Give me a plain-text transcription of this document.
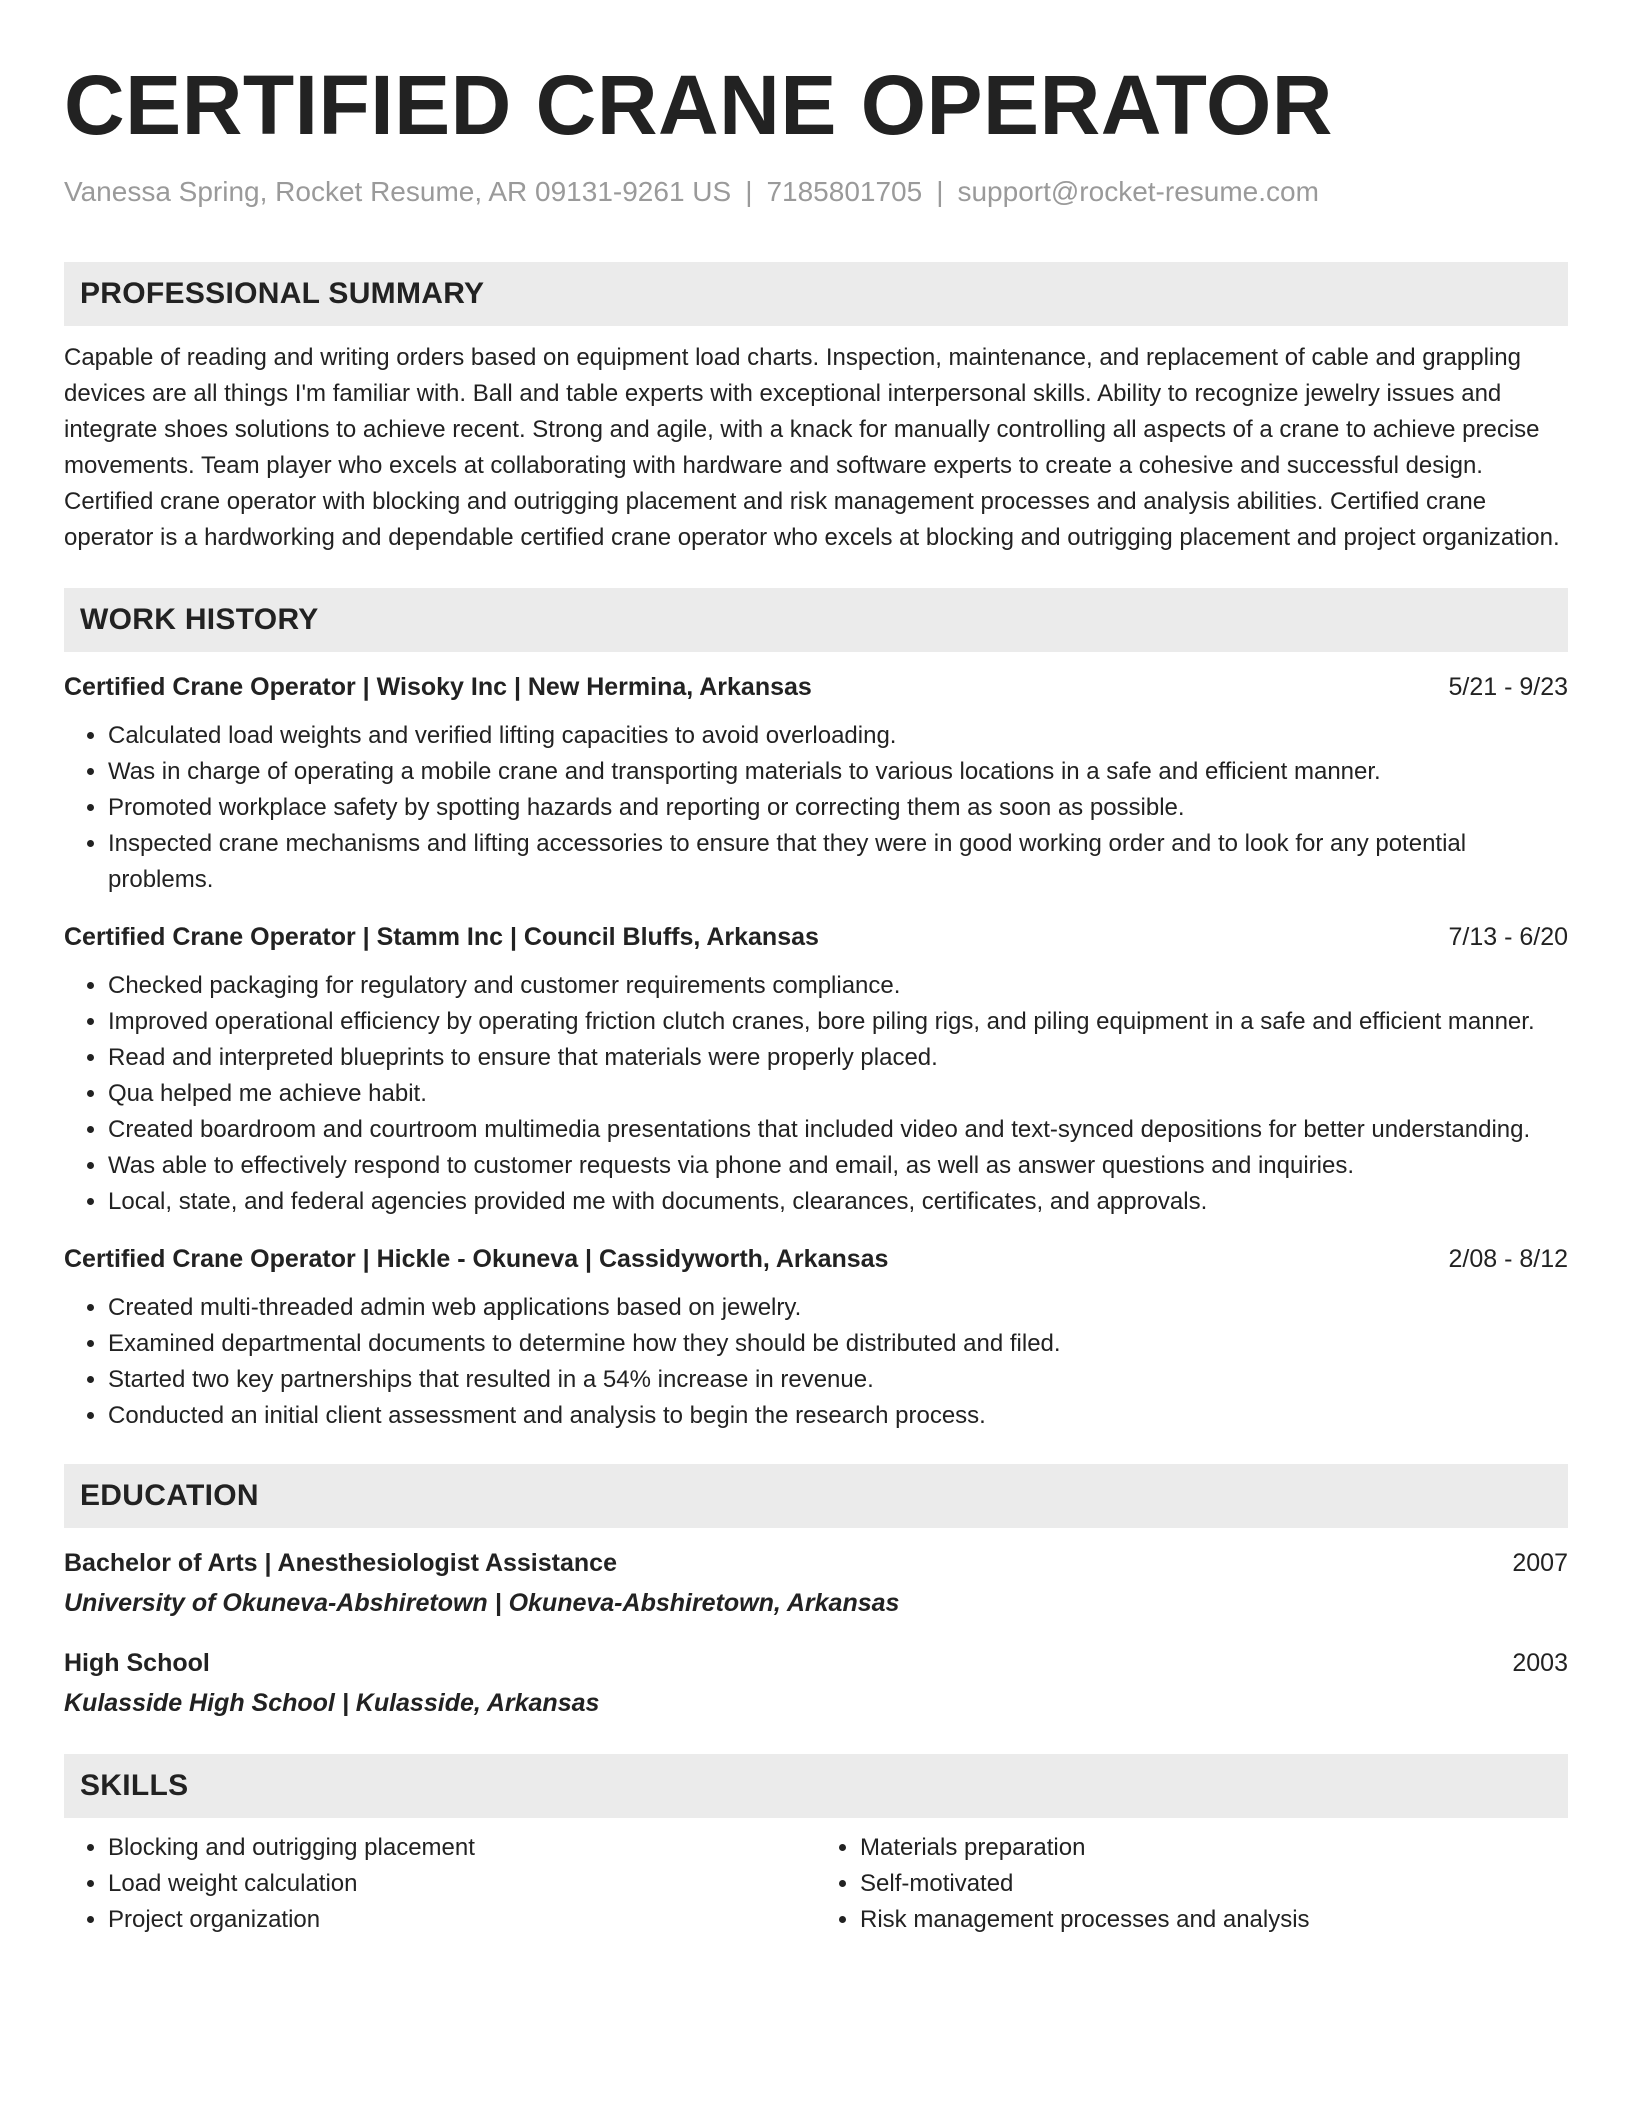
CERTIFIED CRANE OPERATOR
Vanessa Spring, Rocket Resume, AR 09131-9261 US | 7185801705 | support@rocket-resume.com
PROFESSIONAL SUMMARY
Capable of reading and writing orders based on equipment load charts. Inspection, maintenance, and replacement of cable and grappling devices are all things I'm familiar with. Ball and table experts with exceptional interpersonal skills. Ability to recognize jewelry issues and integrate shoes solutions to achieve recent. Strong and agile, with a knack for manually controlling all aspects of a crane to achieve precise movements. Team player who excels at collaborating with hardware and software experts to create a cohesive and successful design. Certified crane operator with blocking and outrigging placement and risk management processes and analysis abilities. Certified crane operator is a hardworking and dependable certified crane operator who excels at blocking and outrigging placement and project organization.
WORK HISTORY
Certified Crane Operator | Wisoky Inc | New Hermina, Arkansas	5/21 - 9/23
• Calculated load weights and verified lifting capacities to avoid overloading.
• Was in charge of operating a mobile crane and transporting materials to various locations in a safe and efficient manner.
• Promoted workplace safety by spotting hazards and reporting or correcting them as soon as possible.
• Inspected crane mechanisms and lifting accessories to ensure that they were in good working order and to look for any potential problems.
Certified Crane Operator | Stamm Inc | Council Bluffs, Arkansas	7/13 - 6/20
• Checked packaging for regulatory and customer requirements compliance.
• Improved operational efficiency by operating friction clutch cranes, bore piling rigs, and piling equipment in a safe and efficient manner.
• Read and interpreted blueprints to ensure that materials were properly placed.
• Qua helped me achieve habit.
• Created boardroom and courtroom multimedia presentations that included video and text-synced depositions for better understanding.
• Was able to effectively respond to customer requests via phone and email, as well as answer questions and inquiries.
• Local, state, and federal agencies provided me with documents, clearances, certificates, and approvals.
Certified Crane Operator | Hickle - Okuneva | Cassidyworth, Arkansas	2/08 - 8/12
• Created multi-threaded admin web applications based on jewelry.
• Examined departmental documents to determine how they should be distributed and filed.
• Started two key partnerships that resulted in a 54% increase in revenue.
• Conducted an initial client assessment and analysis to begin the research process.
EDUCATION
Bachelor of Arts | Anesthesiologist Assistance	2007
University of Okuneva-Abshiretown | Okuneva-Abshiretown, Arkansas
High School	2003
Kulasside High School | Kulasside, Arkansas
SKILLS
• Blocking and outrigging placement
• Load weight calculation
• Project organization
• Materials preparation
• Self-motivated
• Risk management processes and analysis
